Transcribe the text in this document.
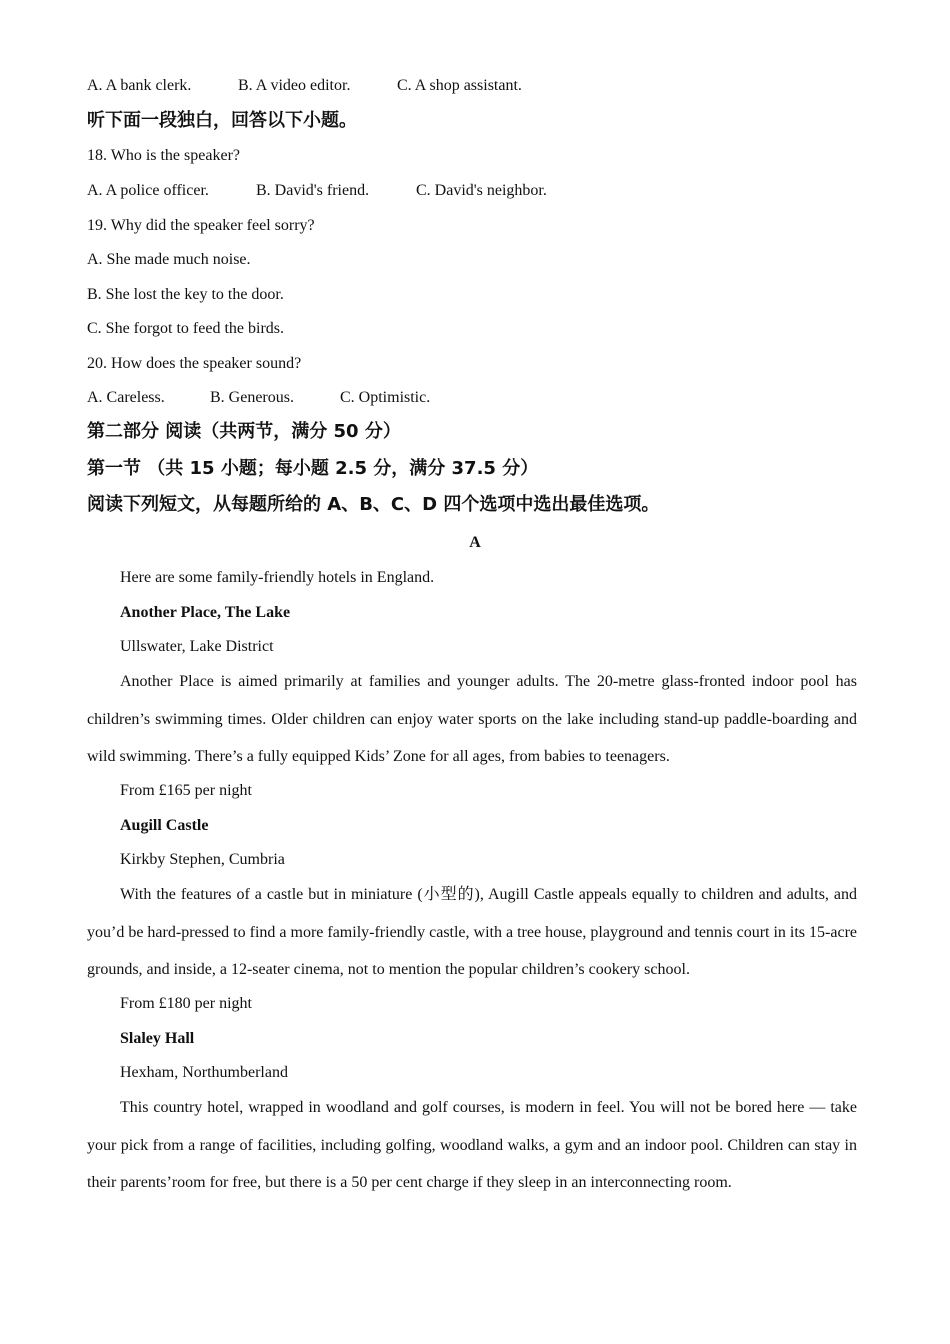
A. A bank clerk.	B. A video editor.	C. A shop assistant.
听下面一段独白，回答以下小题。
18. Who is the speaker?
A. A police officer.	B. David's friend.	C. David's neighbor.
19. Why did the speaker feel sorry?
A. She made much noise.
B. She lost the key to the door.
C. She forgot to feed the birds.
20. How does the speaker sound?
A. Careless.	B. Generous.	C. Optimistic.
第二部分 阅读（共两节，满分 50 分）
第一节 （共 15 小题；每小题 2.5 分，满分 37.5 分）
阅读下列短文，从每题所给的 A、B、C、D 四个选项中选出最佳选项。
A
Here are some family-friendly hotels in England.
Another Place, The Lake
Ullswater, Lake District
Another Place is aimed primarily at families and younger adults. The 20-metre glass-fronted indoor pool has children’s swimming times. Older children can enjoy water sports on the lake including stand-up paddle-boarding and wild swimming. There’s a fully equipped Kids’ Zone for all ages, from babies to teenagers.
From £165 per night
Augill Castle
Kirkby Stephen, Cumbria
With the features of a castle but in miniature (小型的), Augill Castle appeals equally to children and adults, and you’d be hard-pressed to find a more family-friendly castle, with a tree house, playground and tennis court in its 15-acre grounds, and inside, a 12-seater cinema, not to mention the popular children’s cookery school.
From £180 per night
Slaley Hall
Hexham, Northumberland
This country hotel, wrapped in woodland and golf courses, is modern in feel. You will not be bored here — take your pick from a range of facilities, including golfing, woodland walks, a gym and an indoor pool. Children can stay in their parents’room for free, but there is a 50 per cent charge if they sleep in an interconnecting room.
